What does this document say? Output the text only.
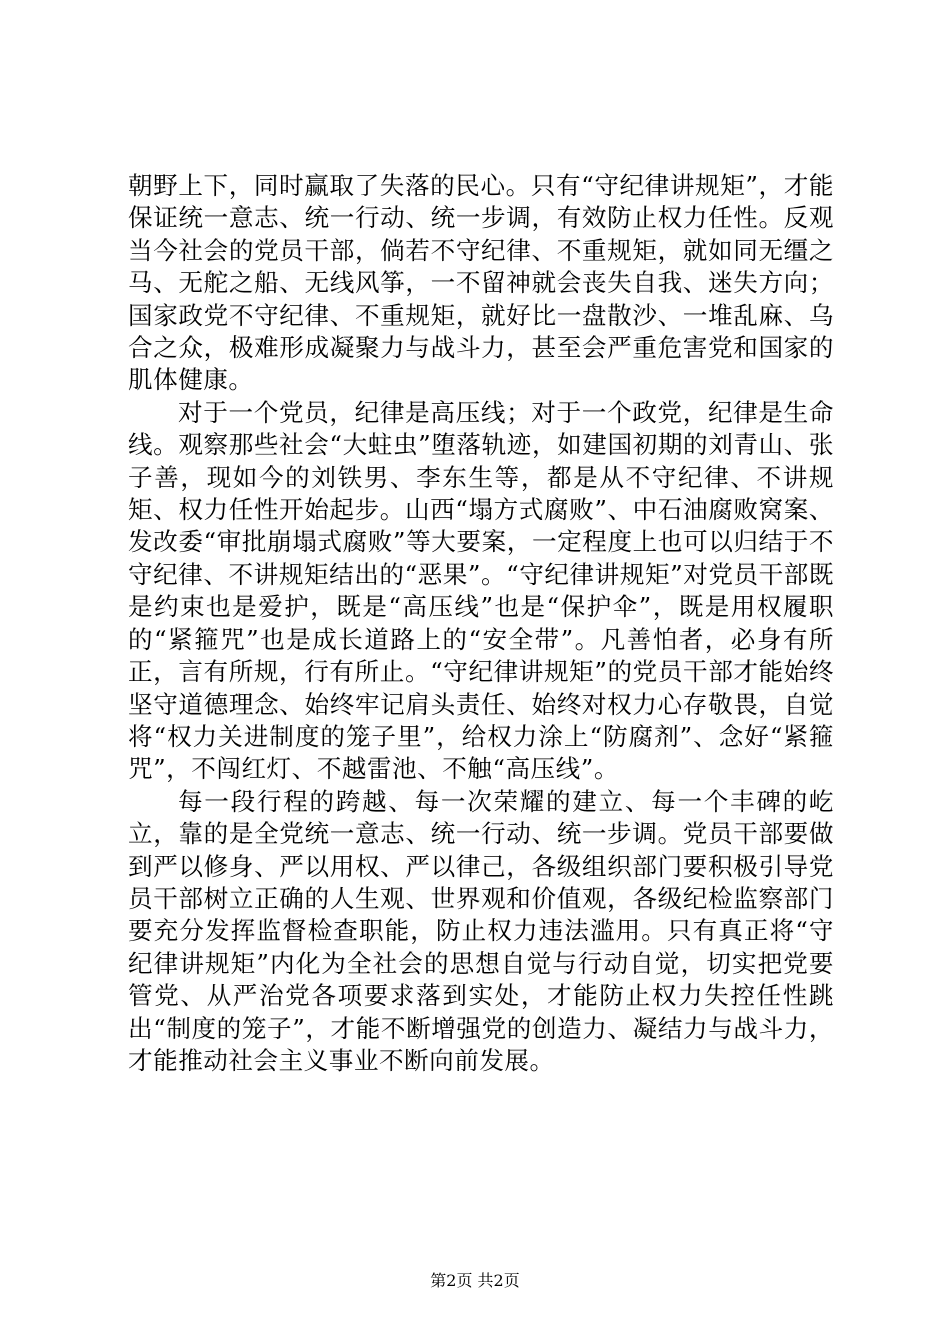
朝野上下，同时赢取了失落的民心。只有“守纪律讲规矩”，才能保证统一意志、统一行动、统一步调，有效防止权力任性。反观当今社会的党员干部，倘若不守纪律、不重规矩，就如同无缰之马、无舵之船、无线风筝，一不留神就会丧失自我、迷失方向；国家政党不守纪律、不重规矩，就好比一盘散沙、一堆乱麻、乌合之众，极难形成凝聚力与战斗力，甚至会严重危害党和国家的肌体健康。

对于一个党员，纪律是高压线；对于一个政党，纪律是生命线。观察那些社会“大蛀虫”堕落轨迹，如建国初期的刘青山、张子善，现如今的刘铁男、李东生等，都是从不守纪律、不讲规矩、权力任性开始起步。山西“塌方式腐败”、中石油腐败窝案、发改委“审批崩塌式腐败”等大要案，一定程度上也可以归结于不守纪律、不讲规矩结出的“恶果”。“守纪律讲规矩”对党员干部既是约束也是爱护，既是“高压线”也是“保护伞”，既是用权履职的“紧箍咒”也是成长道路上的“安全带”。凡善怕者，必身有所正，言有所规，行有所止。“守纪律讲规矩”的党员干部才能始终坚守道德理念、始终牢记肩头责任、始终对权力心存敬畏，自觉将“权力关进制度的笼子里”，给权力涂上“防腐剂”、念好“紧箍咒”，不闯红灯、不越雷池、不触“高压线”。

每一段行程的跨越、每一次荣耀的建立、每一个丰碑的屹立，靠的是全党统一意志、统一行动、统一步调。党员干部要做到严以修身、严以用权、严以律己，各级组织部门要积极引导党员干部树立正确的人生观、世界观和价值观，各级纪检监察部门要充分发挥监督检查职能，防止权力违法滥用。只有真正将“守纪律讲规矩”内化为全社会的思想自觉与行动自觉，切实把党要管党、从严治党各项要求落到实处，才能防止权力失控任性跳出“制度的笼子”，才能不断增强党的创造力、凝结力与战斗力，才能推动社会主义事业不断向前发展。

第2页 共2页
